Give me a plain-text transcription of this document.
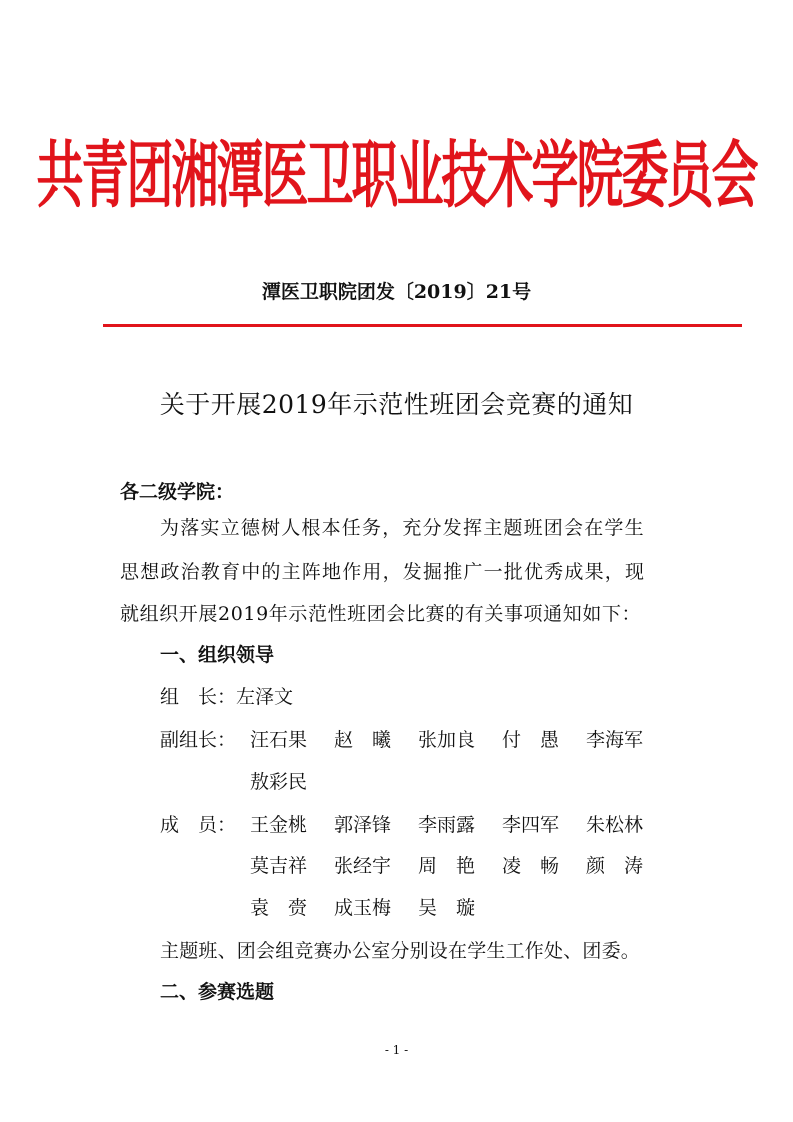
共青团湘潭医卫职业技术学院委员会
潭医卫职院团发〔2019〕21号
关于开展2019年示范性班团会竞赛的通知
各二级学院：
为落实立德树人根本任务，充分发挥主题班团会在学生
思想政治教育中的主阵地作用，发掘推广一批优秀成果，现
就组织开展2019年示范性班团会比赛的有关事项通知如下：
一、组织领导
组　长：左泽文
副组长： 汪石果 赵　曦 张加良 付　愚 李海军
敖彩民
成　员： 王金桃 郭泽锋 李雨露 李四军 朱松林
莫吉祥 张经宇 周　艳 凌　畅 颜　涛
袁　赍 成玉梅 吴　璇
主题班、团会组竞赛办公室分别设在学生工作处、团委。
二、参赛选题
- 1 -
